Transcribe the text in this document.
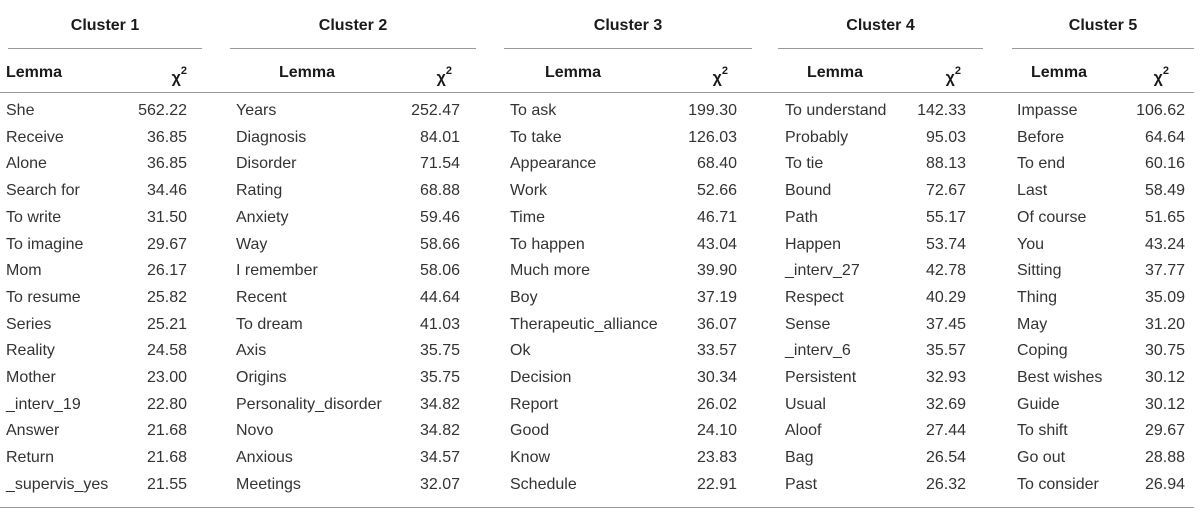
Cluster 1
Lemma	$\chi^2$
She	562.22
Receive	36.85
Alone	36.85
Search for	34.46
To write	31.50
To imagine	29.67
Mom	26.17
To resume	25.82
Series	25.21
Reality	24.58
Mother	23.00
_interv_19	22.80
Answer	21.68
Return	21.68
_supervis_yes 21.55
Cluster 2
Lemma	$\chi^2$
Years	252.47
Diagnosis	84.01
Disorder	71.54
Rating	68.88
Anxiety	59.46
Way	58.66
I remember	58.06
Recent	44.64
To dream	41.03
Axis	35.75
Origins	35.75
Personality_disorder 34.82
Novo	34.82
Anxious	34.57
Meetings	32.07
Cluster 3
Lemma	$\chi^2$
To ask	199.30
To take	126.03
Appearance	68.40
Work	52.66
Time	46.71
To happen	43.04
Much more	39.90
Boy	37.19
Therapeutic_alliance 36.07
Ok	33.57
Decision	30.34
Report	26.02
Good	24.10
Know	23.83
Schedule	22.91
Cluster 4
Lemma	$\chi^2$
To understand 142.33
Probably	95.03
To tie	88.13
Bound	72.67
Path	55.17
Happen	53.74
_interv_27	42.78
Respect	40.29
Sense	37.45
_interv_6	35.57
Persistent	32.93
Usual	32.69
Aloof	27.44
Bag	26.54
Past	26.32
Cluster 5
Lemma	$\chi^2$
Impasse	106.62
Before	64.64
To end	60.16
Last	58.49
Of course	51.65
You	43.24
Sitting	37.77
Thing	35.09
May	31.20
Coping	30.75
Best wishes	30.12
Guide	30.12
To shift	29.67
Go out	28.88
To consider	26.94
